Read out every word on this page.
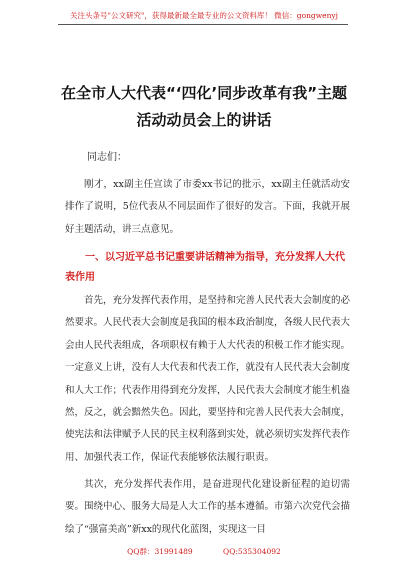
关注头条号"公文研究"，获得最新最全最专业的公文资料库！ 微信：gongwenyj
在全市人大代表“‘四化’同步改革有我”主题活动动员会上的讲话
同志们：

刚才，xx副主任宣读了市委xx书记的批示，xx副主任就活动安排作了说明，5位代表从不同层面作了很好的发言。下面，我就开展好主题活动，讲三点意见。

一、以习近平总书记重要讲话精神为指导，充分发挥人大代表作用

首先，充分发挥代表作用，是坚持和完善人民代表大会制度的必然要求。人民代表大会制度是我国的根本政治制度，各级人民代表大会由人民代表组成，各项职权有赖于人大代表的积极工作才能实现。一定意义上讲，没有人大代表和代表工作，就没有人民代表大会制度和人大工作；代表作用得到充分发挥，人民代表大会制度才能生机盎然，反之，就会黯然失色。因此，要坚持和完善人民代表大会制度，使宪法和法律赋予人民的民主权利落到实处，就必须切实发挥代表作用、加强代表工作，保证代表能够依法履行职责。

其次，充分发挥代表作用，是奋进现代化建设新征程的迫切需要。围绕中心、服务大局是人大工作的基本遵循。市第六次党代会描绘了“强富美高”新xx的现代化蓝图，实现这一目

QQ群：31991489	QQ:535304092
